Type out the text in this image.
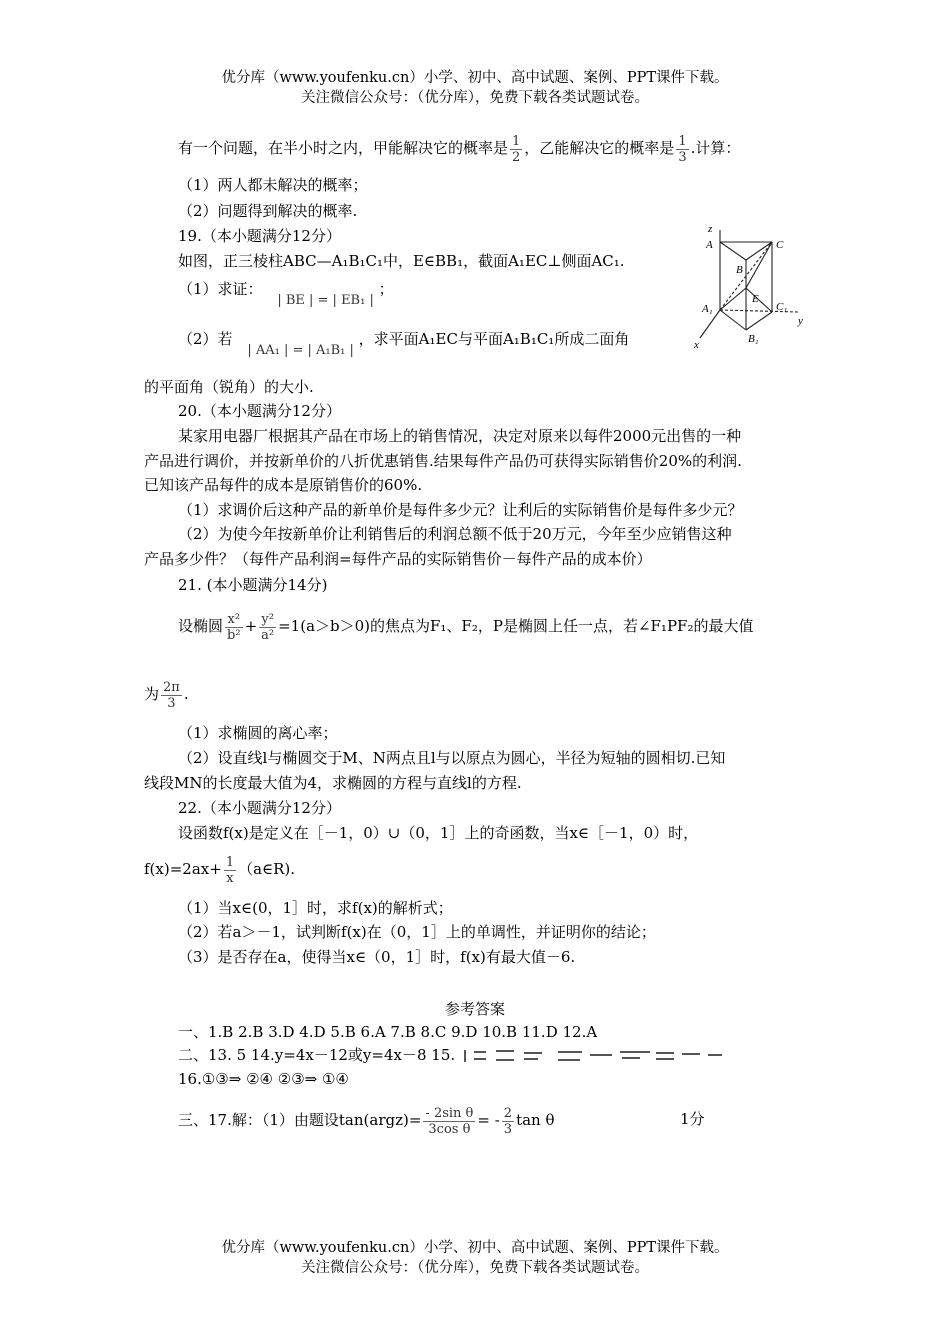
优分库（www.youfenku.cn）小学、初中、高中试题、案例、PPT课件下载。
关注微信公众号：（优分库），免费下载各类试题试卷。
有一个问题，在半小时之内，甲能解决它的概率是 $\frac{1}{2}$ ，乙能解决它的概率是 $\frac{1}{3}$ .计算：
（1）两人都未解决的概率；
（2）问题得到解决的概率.
19.（本小题满分12分）
如图，正三棱柱ABC—A₁B₁C₁中，E∈BB₁，截面A₁EC⊥侧面AC₁.
（1）求证： | BE | = | EB₁ | ；
（2）若 | AA₁ | = | A₁B₁ | ，求平面A₁EC与平面A₁B₁C₁所成二面角
的平面角（锐角）的大小.
z
A	C
B
E
A₁	C₁
y
B₁
x
20.（本小题满分12分）
某家用电器厂根据其产品在市场上的销售情况，决定对原来以每件2000元出售的一种
产品进行调价，并按新单价的八折优惠销售.结果每件产品仍可获得实际销售价20%的利润.
已知该产品每件的成本是原销售价的60%.
（1）求调价后这种产品的新单价是每件多少元？让利后的实际销售价是每件多少元？
（2）为使今年按新单价让利销售后的利润总额不低于20万元，今年至少应销售这种
产品多少件？（每件产品利润=每件产品的实际销售价－每件产品的成本价）
21. (本小题满分14分)
设椭圆 $\frac{\text{x²}}{\text{b²}} + \frac{\text{y²}}{\text{a²}} =1(a>b>0)$的焦点为F₁、F₂，P是椭圆上任一点，若∠F₁PF₂的最大值
为 $\frac{2\pi}{3}$ .
（1）求椭圆的离心率；
（2）设直线l与椭圆交于M、N两点且l与以原点为圆心，半径为短轴的圆相切.已知
线段MN的长度最大值为4，求椭圆的方程与直线l的方程.
22.（本小题满分12分）
设函数f(x)是定义在［－1，0）∪（0，1］上的奇函数，当x∈［－1，0）时，
$f(x)=2ax+ \frac{1}{x}$ （a∈R).
（1）当x∈(0，1］时，求f(x)的解析式；
（2）若a＞－1，试判断f(x)在（0，1］上的单调性，并证明你的结论；
（3）是否存在a，使得当x∈（0，1］时，f(x)有最大值－6.
参考答案
一、1.B 2.B 3.D 4.D 5.B 6.A 7.B 8.C 9.D 10.B 11.D 12.A
二、13. 5 14.y=4x－12或y=4x－8 15.
16.①③⇒ ②④ ②③⇒ ①④
三、17.解：（1）由题设tan(argz)= $\frac{\text{- 2sin θ}}{\text{3cos θ}}$ = - $\frac{2}{3}$ tan θ	1分
优分库（www.youfenku.cn）小学、初中、高中试题、案例、PPT课件下载。
关注微信公众号：（优分库），免费下载各类试题试卷。
